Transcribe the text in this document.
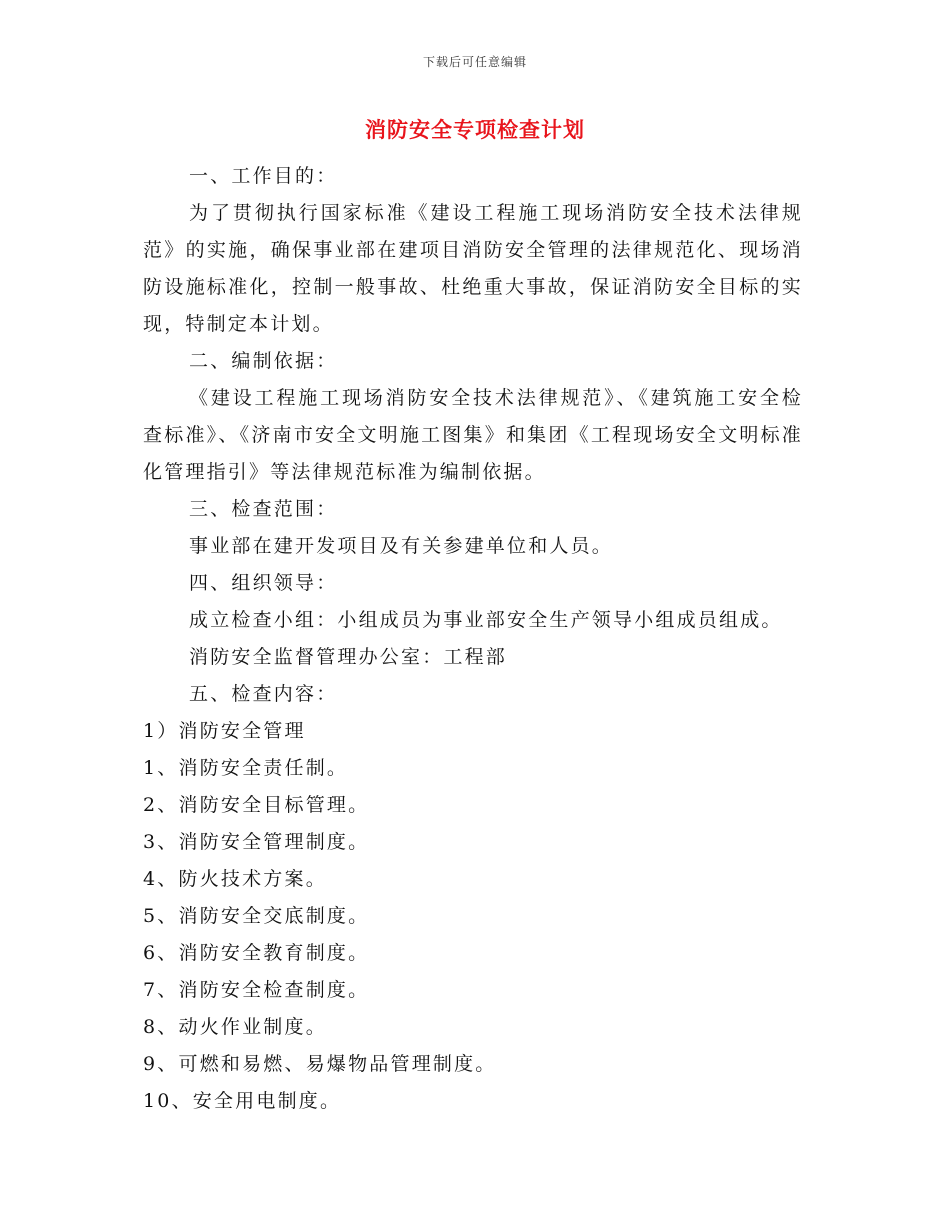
下载后可任意编辑
消防安全专项检查计划

一、工作目的：

为了贯彻执行国家标准《建设工程施工现场消防安全技术法律规范》的实施，确保事业部在建项目消防安全管理的法律规范化、现场消防设施标准化，控制一般事故、杜绝重大事故，保证消防安全目标的实现，特制定本计划。

二、编制依据：

《建设工程施工现场消防安全技术法律规范》、《建筑施工安全检查标准》、《济南市安全文明施工图集》和集团《工程现场安全文明标准化管理指引》等法律规范标准为编制依据。

三、检查范围：

事业部在建开发项目及有关参建单位和人员。

四、组织领导：

成立检查小组：小组成员为事业部安全生产领导小组成员组成。

消防安全监督管理办公室：工程部

五、检查内容：

1）消防安全管理

1、消防安全责任制。

2、消防安全目标管理。

3、消防安全管理制度。

4、防火技术方案。

5、消防安全交底制度。

6、消防安全教育制度。

7、消防安全检查制度。

8、动火作业制度。

9、可燃和易燃、易爆物品管理制度。

10、安全用电制度。
